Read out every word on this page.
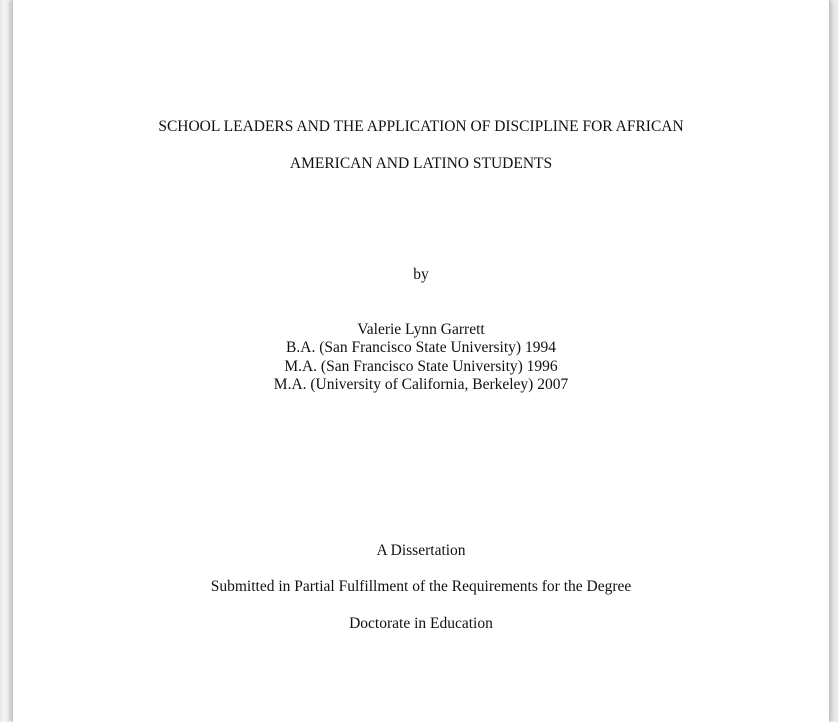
SCHOOL LEADERS AND THE APPLICATION OF DISCIPLINE FOR AFRICAN
AMERICAN AND LATINO STUDENTS
by
Valerie Lynn Garrett
B.A. (San Francisco State University) 1994
M.A. (San Francisco State University) 1996
M.A. (University of California, Berkeley) 2007
A Dissertation
Submitted in Partial Fulfillment of the Requirements for the Degree
Doctorate in Education
